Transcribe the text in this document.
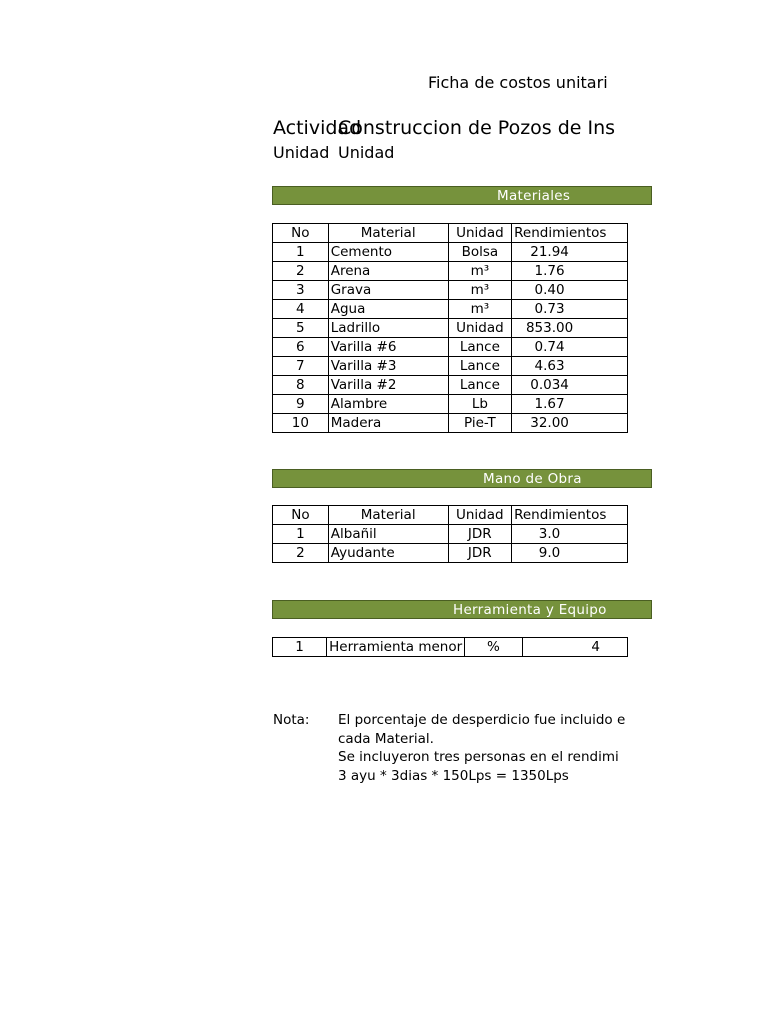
Ficha de costos unitari
Actividad
Construccion de Pozos de Ins
Unidad Unidad
Materiales
No	Material	Unidad	Rendimientos
1	Cemento	Bolsa	21.94
2	Arena	m³	1.76
3	Grava	m³	0.40
4	Agua	m³	0.73
5	Ladrillo	Unidad	853.00
6	Varilla #6	Lance	0.74
7	Varilla #3	Lance	4.63
8	Varilla #2	Lance	0.034
9	Alambre	Lb	1.67
10	Madera	Pie-T	32.00
Mano de Obra
No	Material	Unidad	Rendimientos
1	Albañil	JDR	3.0
2	Ayudante	JDR	9.0
Herramienta y Equipo
1	Herramienta menor	%	4
Nota: El porcentaje de desperdicio fue incluido e
cada Material.
Se incluyeron tres personas en el rendimi
3 ayu * 3dias * 150Lps = 1350Lps
